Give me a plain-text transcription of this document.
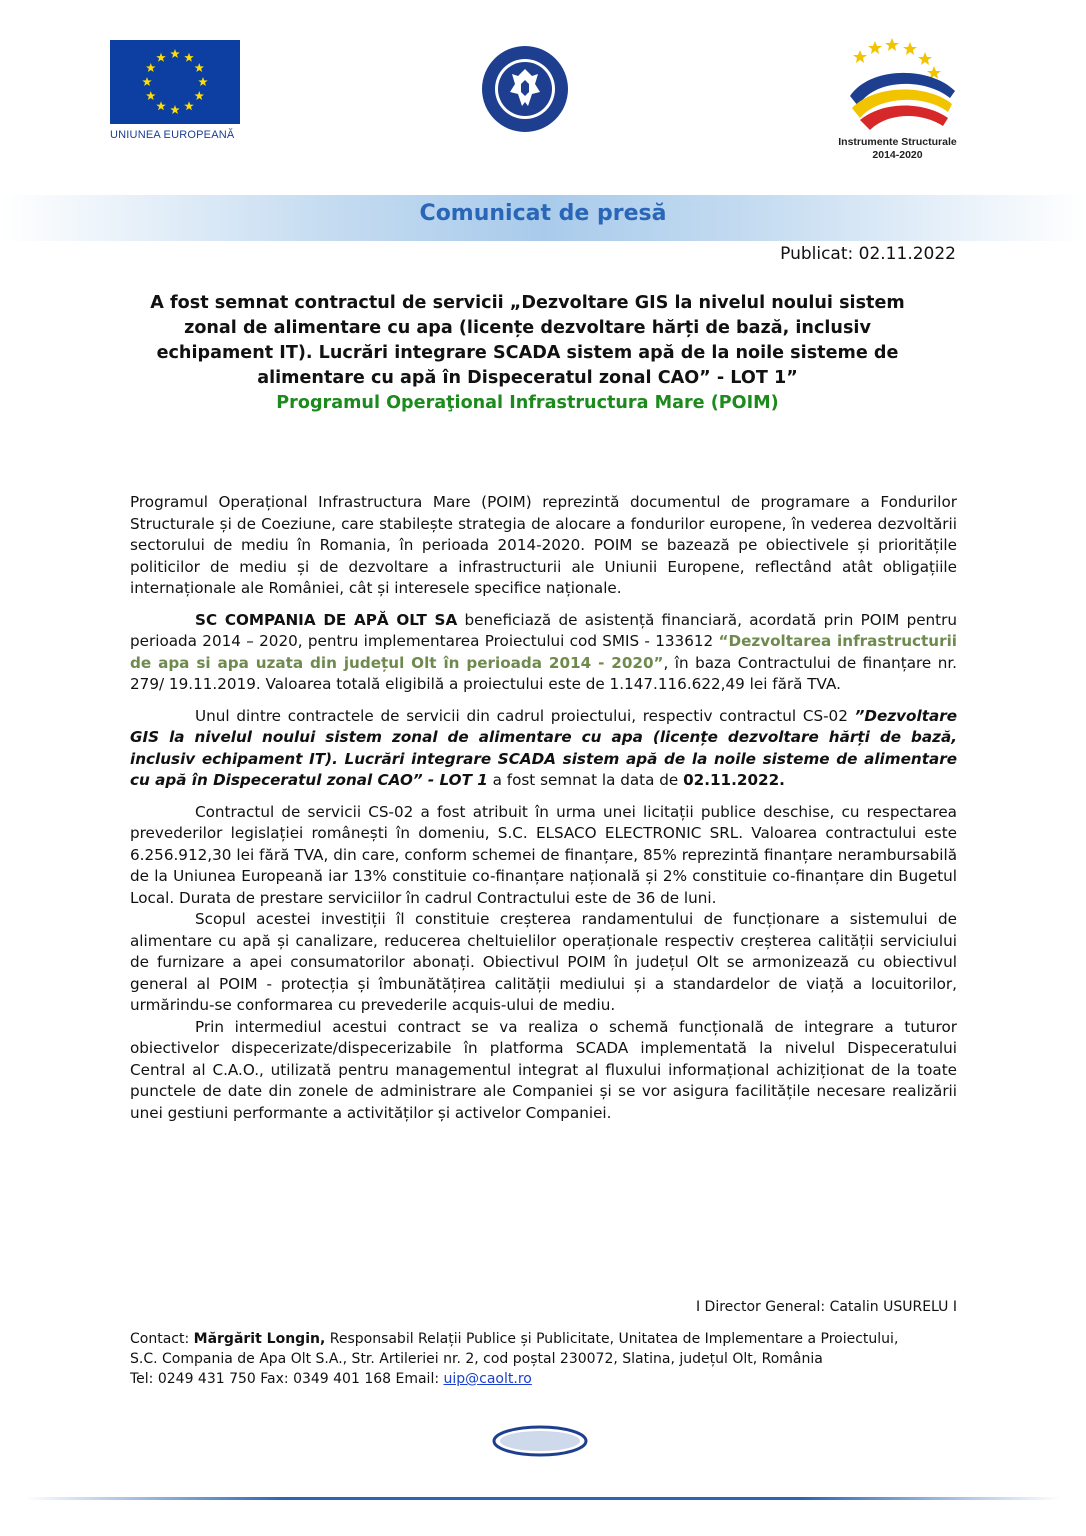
UNIUNEA EUROPEANĂ
Instrumente Structurale
2014-2020
Comunicat de presă
Publicat: 02.11.2022
A fost semnat contractul de servicii „Dezvoltare GIS la nivelul noului sistem zonal de alimentare cu apa (licențe dezvoltare hărți de bază, inclusiv echipament IT). Lucrări integrare SCADA sistem apă de la noile sisteme de alimentare cu apă în Dispeceratul zonal CAO” - LOT 1”
Programul Operaţional Infrastructura Mare (POIM)

Programul Operațional Infrastructura Mare (POIM) reprezintă documentul de programare a Fondurilor Structurale și de Coeziune, care stabilește strategia de alocare a fondurilor europene, în vederea dezvoltării sectorului de mediu în Romania, în perioada 2014-2020. POIM se bazează pe obiectivele și prioritățile politicilor de mediu și de dezvoltare a infrastructurii ale Uniunii Europene, reflectând atât obligațiile internaționale ale României, cât și interesele specifice naționale.

SC COMPANIA DE APĂ OLT SA beneficiază de asistență financiară, acordată prin POIM pentru perioada 2014 – 2020, pentru implementarea Proiectului cod SMIS - 133612 “Dezvoltarea infrastructurii de apa si apa uzata din județul Olt în perioada 2014 - 2020”, în baza Contractului de finanțare nr. 279/ 19.11.2019. Valoarea totală eligibilă a proiectului este de 1.147.116.622,49 lei fără TVA.

Unul dintre contractele de servicii din cadrul proiectului, respectiv contractul CS-02 ”Dezvoltare GIS la nivelul noului sistem zonal de alimentare cu apa (licențe dezvoltare hărți de bază, inclusiv echipament IT). Lucrări integrare SCADA sistem apă de la noile sisteme de alimentare cu apă în Dispeceratul zonal CAO” - LOT 1 a fost semnat la data de 02.11.2022.

Contractul de servicii CS-02 a fost atribuit în urma unei licitații publice deschise, cu respectarea prevederilor legislației românești în domeniu, S.C. ELSACO ELECTRONIC SRL. Valoarea contractului este 6.256.912,30 lei fără TVA, din care, conform schemei de finanțare, 85% reprezintă finanțare nerambursabilă de la Uniunea Europeană iar 13% constituie co-finanțare națională și 2% constituie co-finanțare din Bugetul Local. Durata de prestare serviciilor în cadrul Contractului este de 36 de luni.

Scopul acestei investiții îl constituie creșterea randamentului de funcționare a sistemului de alimentare cu apă și canalizare, reducerea cheltuielilor operaționale respectiv creșterea calității serviciului de furnizare a apei consumatorilor abonați. Obiectivul POIM în județul Olt se armonizează cu obiectivul general al POIM - protecția și îmbunătățirea calității mediului și a standardelor de viață a locuitorilor, urmărindu-se conformarea cu prevederile acquis-ului de mediu.

Prin intermediul acestui contract se va realiza o schemă funcțională de integrare a tuturor obiectivelor dispecerizate/dispecerizabile în platforma SCADA implementată la nivelul Dispeceratului Central al C.A.O., utilizată pentru managementul integrat al fluxului informațional achiziționat de la toate punctele de date din zonele de administrare ale Companiei și se vor asigura facilitățile necesare realizării unei gestiuni performante a activităților și activelor Companiei.

I Director General: Catalin USURELU I
Contact: Mărgărit Longin, Responsabil Relații Publice și Publicitate, Unitatea de Implementare a Proiectului,
S.C. Compania de Apa Olt S.A., Str. Artileriei nr. 2, cod poștal 230072, Slatina, județul Olt, România
Tel: 0249 431 750 Fax: 0349 401 168 Email: uip@caolt.ro
